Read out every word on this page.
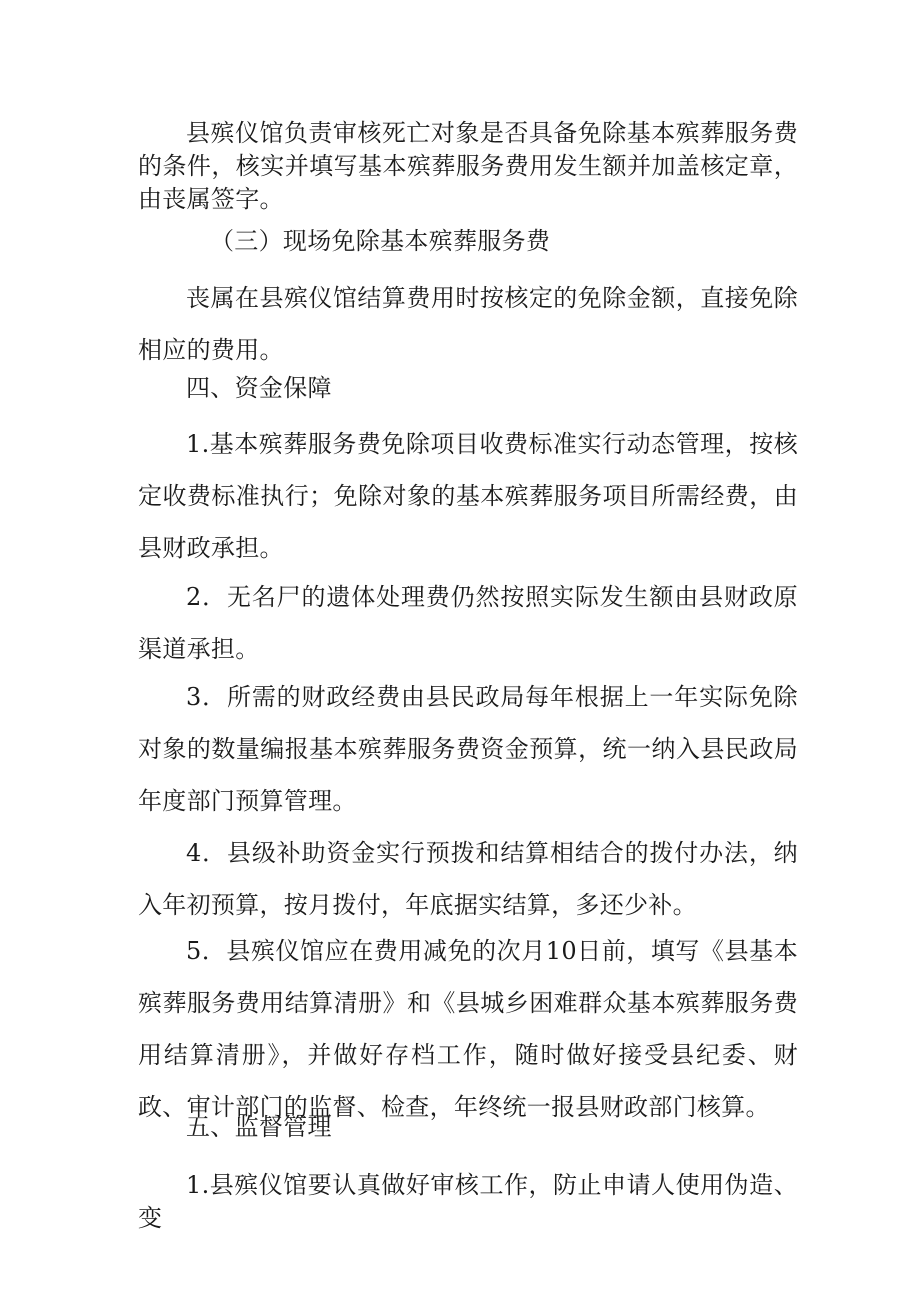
县殡仪馆负责审核死亡对象是否具备免除基本殡葬服务费的条件，核实并填写基本殡葬服务费用发生额并加盖核定章，由丧属签字。

（三）现场免除基本殡葬服务费

丧属在县殡仪馆结算费用时按核定的免除金额，直接免除相应的费用。

四、资金保障

1.基本殡葬服务费免除项目收费标准实行动态管理，按核定收费标准执行；免除对象的基本殡葬服务项目所需经费，由县财政承担。

2．无名尸的遗体处理费仍然按照实际发生额由县财政原渠道承担。

3．所需的财政经费由县民政局每年根据上一年实际免除对象的数量编报基本殡葬服务费资金预算，统一纳入县民政局年度部门预算管理。

4．县级补助资金实行预拨和结算相结合的拨付办法，纳入年初预算，按月拨付，年底据实结算，多还少补。

5．县殡仪馆应在费用减免的次月10日前，填写《县基本殡葬服务费用结算清册》和《县城乡困难群众基本殡葬服务费用结算清册》，并做好存档工作，随时做好接受县纪委、财政、审计部门的监督、检查，年终统一报县财政部门核算。

五、监督管理

1.县殡仪馆要认真做好审核工作，防止申请人使用伪造、变
